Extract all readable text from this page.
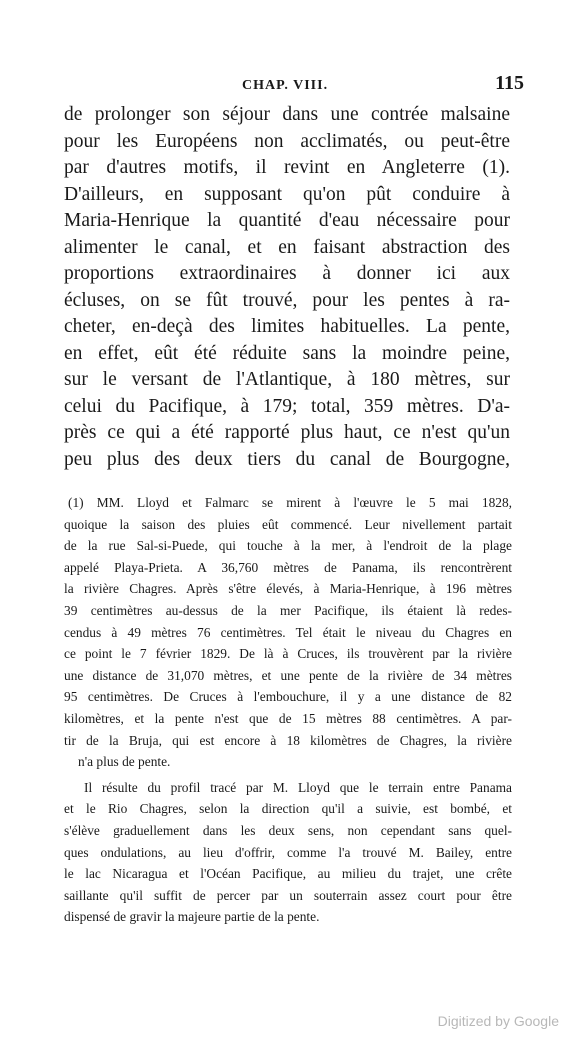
CHAP. VIII.	115
de prolonger son séjour dans une contrée malsaine
pour les Européens non acclimatés, ou peut-être
par d'autres motifs, il revint en Angleterre (1).
D'ailleurs, en supposant qu'on pût conduire à
Maria-Henrique la quantité d'eau nécessaire pour
alimenter le canal, et en faisant abstraction des
proportions extraordinaires à donner ici aux
écluses, on se fût trouvé, pour les pentes à ra-
cheter, en-deçà des limites habituelles. La pente,
en effet, eût été réduite sans la moindre peine,
sur le versant de l'Atlantique, à 180 mètres, sur
celui du Pacifique, à 179; total, 359 mètres. D'a-
près ce qui a été rapporté plus haut, ce n'est qu'un
peu plus des deux tiers du canal de Bourgogne,
(1) MM. Lloyd et Falmarc se mirent à l'œuvre le 5 mai 1828,
quoique la saison des pluies eût commencé. Leur nivellement partait
de la rue Sal-si-Puede, qui touche à la mer, à l'endroit de la plage
appelé Playa-Prieta. A 36,760 mètres de Panama, ils rencontrèrent
la rivière Chagres. Après s'être élevés, à Maria-Henrique, à 196 mètres
39 centimètres au-dessus de la mer Pacifique, ils étaient là redes-
cendus à 49 mètres 76 centimètres. Tel était le niveau du Chagres en
ce point le 7 février 1829. De là à Cruces, ils trouvèrent par la rivière
une distance de 31,070 mètres, et une pente de la rivière de 34 mètres
95 centimètres. De Cruces à l'embouchure, il y a une distance de 82
kilomètres, et la pente n'est que de 15 mètres 88 centimètres. A par-
tir de la Bruja, qui est encore à 18 kilomètres de Chagres, la rivière
n'a plus de pente.
Il résulte du profil tracé par M. Lloyd que le terrain entre Panama
et le Rio Chagres, selon la direction qu'il a suivie, est bombé, et
s'élève graduellement dans les deux sens, non cependant sans quel-
ques ondulations, au lieu d'offrir, comme l'a trouvé M. Bailey, entre
le lac Nicaragua et l'Océan Pacifique, au milieu du trajet, une crête
saillante qu'il suffit de percer par un souterrain assez court pour être
dispensé de gravir la majeure partie de la pente.
Digitized by Google
